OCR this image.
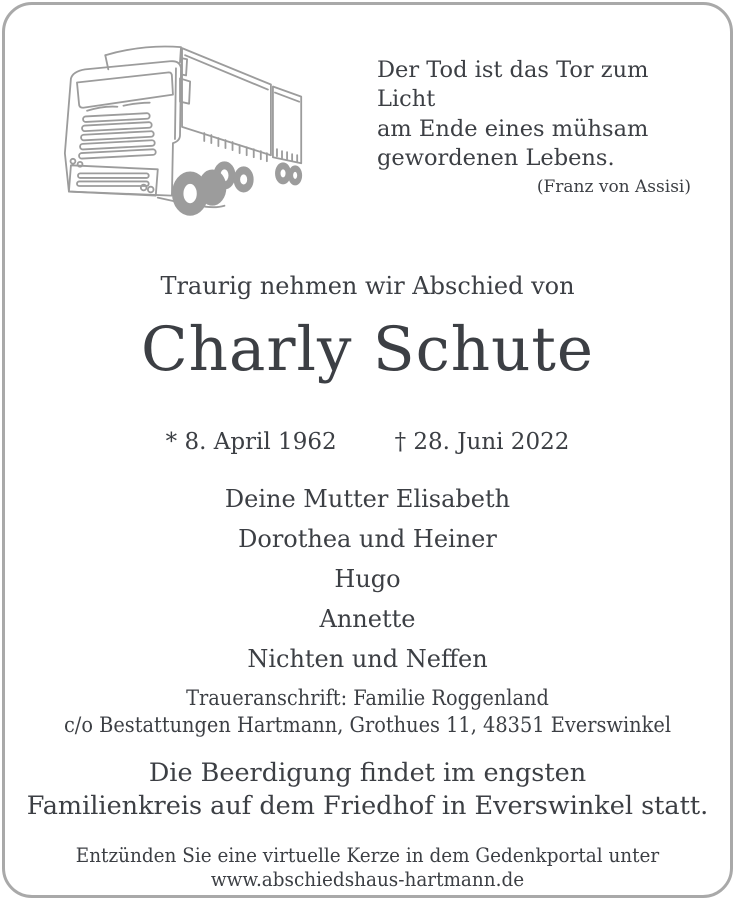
Der Tod ist das Tor zum Licht
am Ende eines mühsam
gewordenen Lebens.
(Franz von Assisi)
Traurig nehmen wir Abschied von
Charly Schute
* 8. April 1962	† 28. Juni 2022
Deine Mutter Elisabeth
Dorothea und Heiner
Hugo
Annette
Nichten und Neffen
Traueranschrift: Familie Roggenland
c/o Bestattungen Hartmann, Grothues 11, 48351 Everswinkel
Die Beerdigung findet im engsten
Familienkreis auf dem Friedhof in Everswinkel statt.
Entzünden Sie eine virtuelle Kerze in dem Gedenkportal unter
www.abschiedshaus-hartmann.de
